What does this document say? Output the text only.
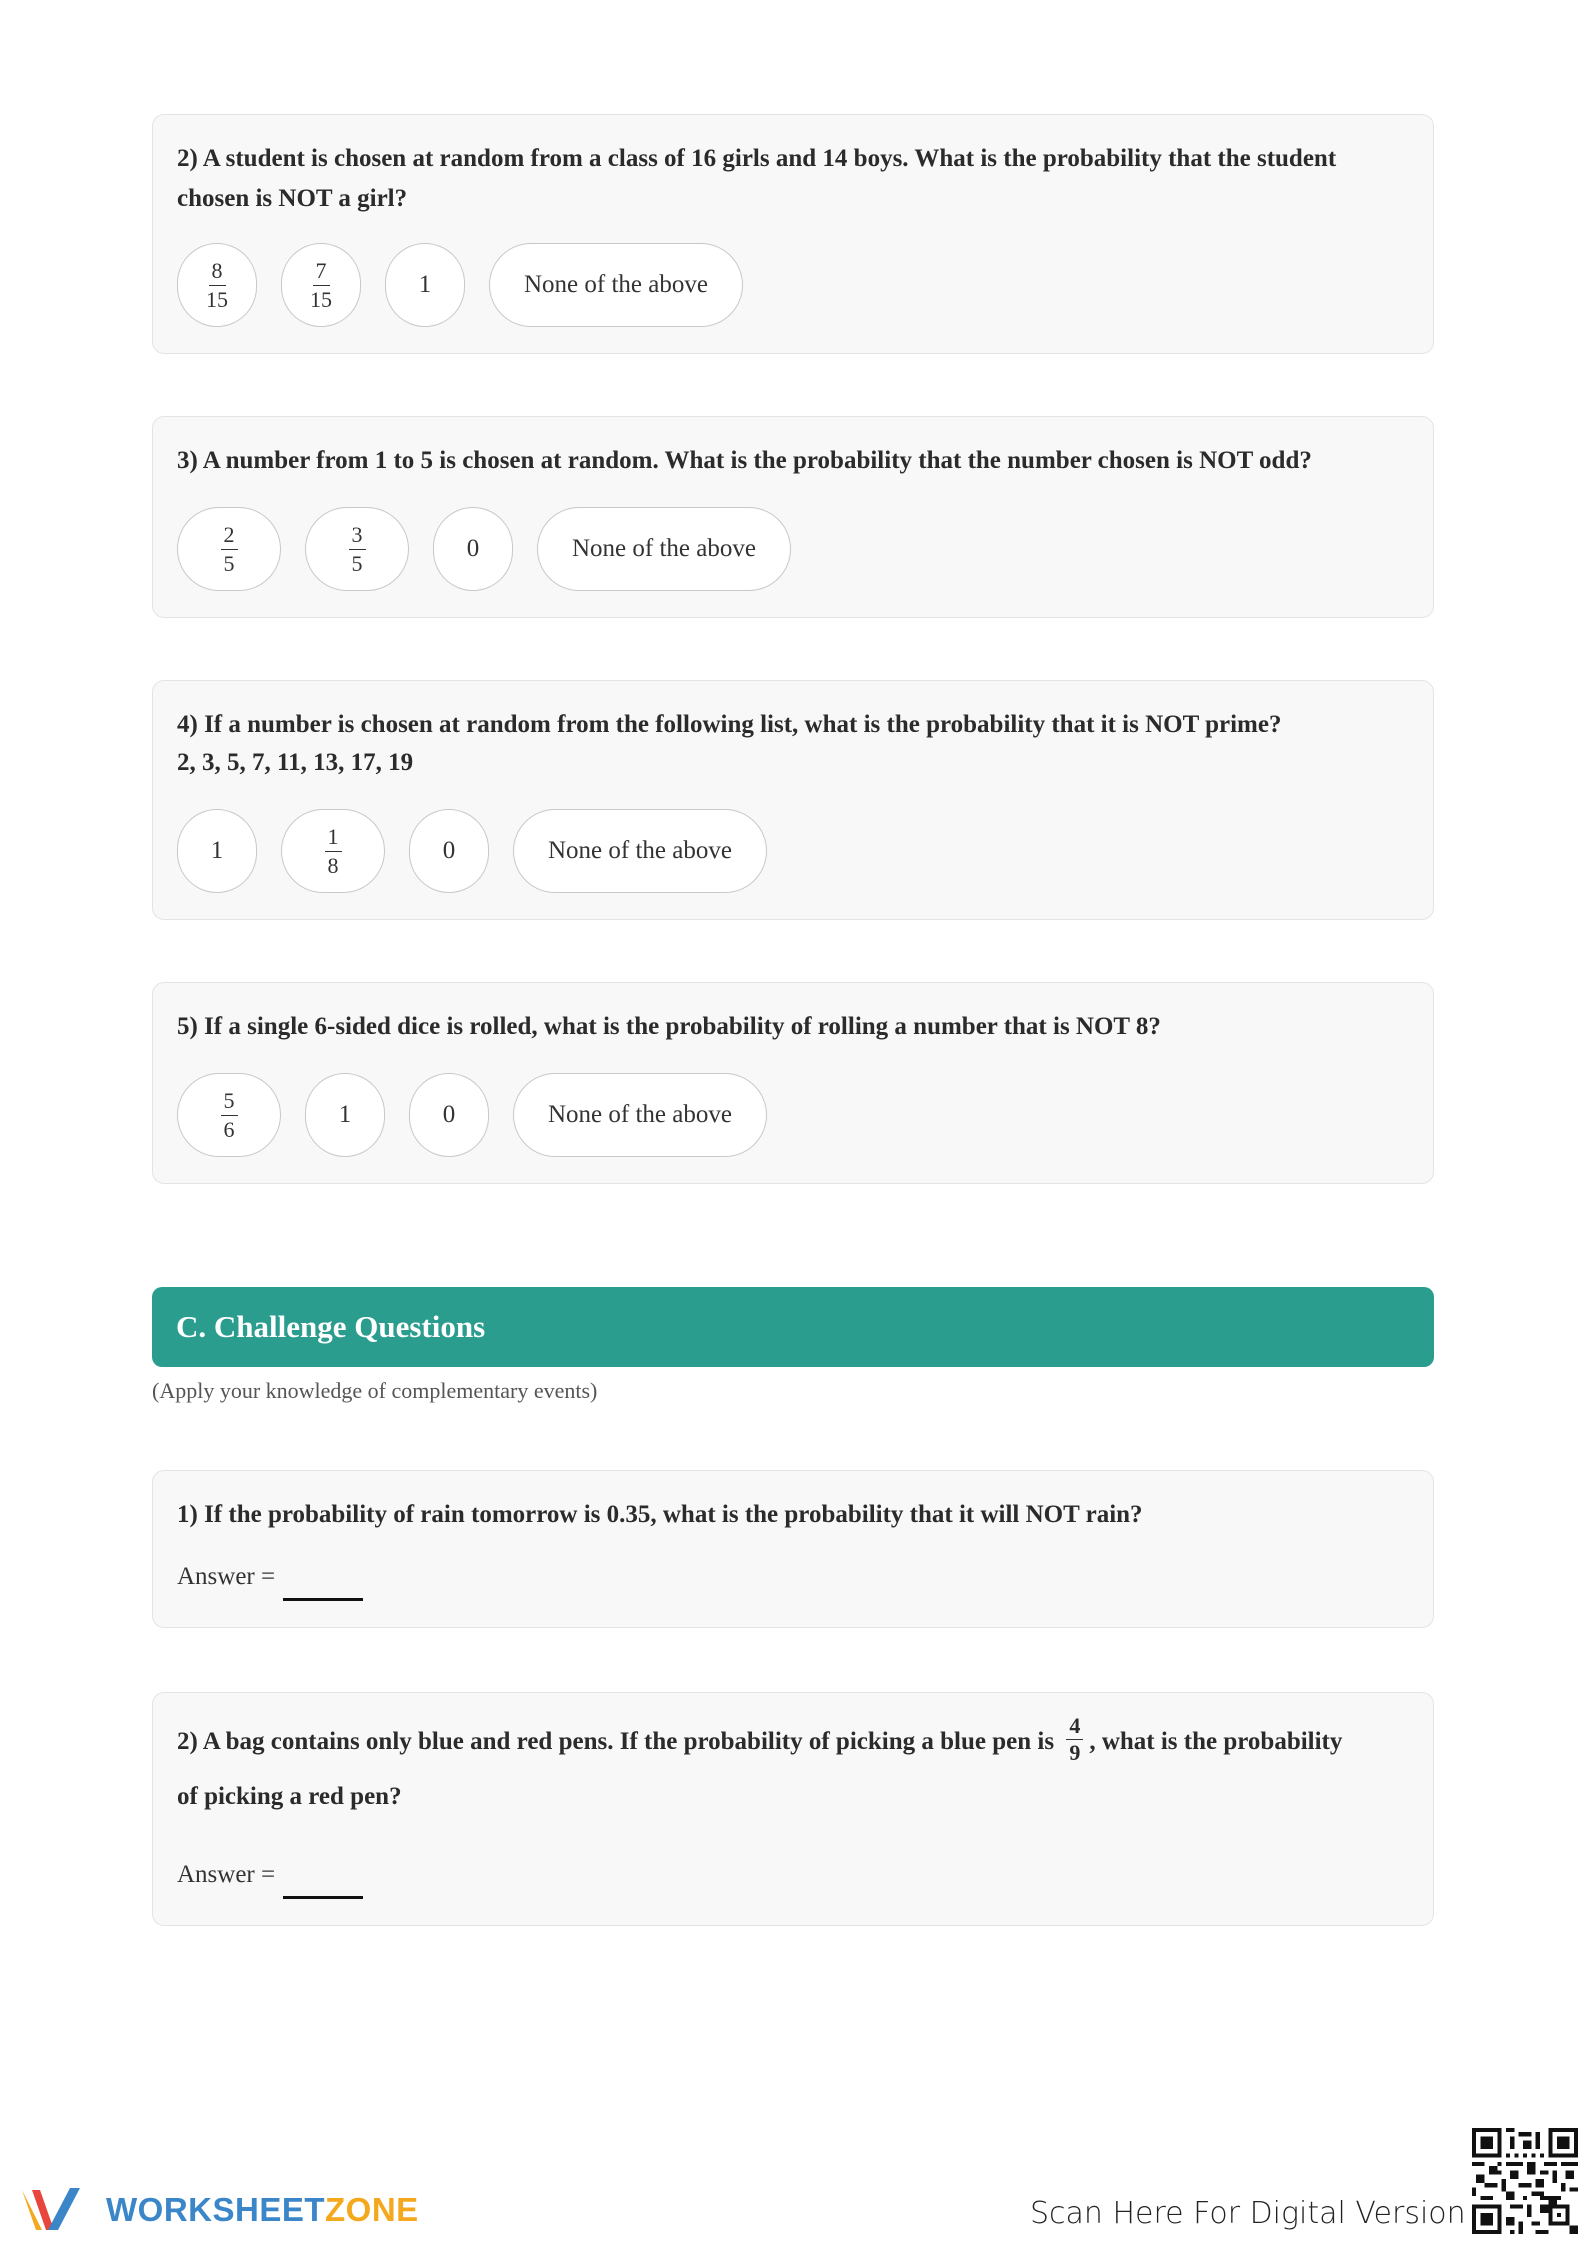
2) A student is chosen at random from a class of 16 girls and 14 boys. What is the probability that the student chosen is NOT a girl?
$\frac{8}{15}$	$\frac{7}{15}$	1	None of the above
3) A number from 1 to 5 is chosen at random. What is the probability that the number chosen is NOT odd?
$\frac{2}{5}$	$\frac{3}{5}$	0	None of the above
4) If a number is chosen at random from the following list, what is the probability that it is NOT prime?
2, 3, 5, 7, 11, 13, 17, 19
1	$\frac{1}{8}$	0	None of the above
5) If a single 6-sided dice is rolled, what is the probability of rolling a number that is NOT 8?
$\frac{5}{6}$	1	0	None of the above
C. Challenge Questions
(Apply your knowledge of complementary events)
1) If the probability of rain tomorrow is 0.35, what is the probability that it will NOT rain?
Answer =
2) A bag contains only blue and red pens. If the probability of picking a blue pen is $\frac{4}{9}$ , what is the probability
of picking a red pen?
Answer =
WORKSHEETZONE	Scan Here For Digital Version
